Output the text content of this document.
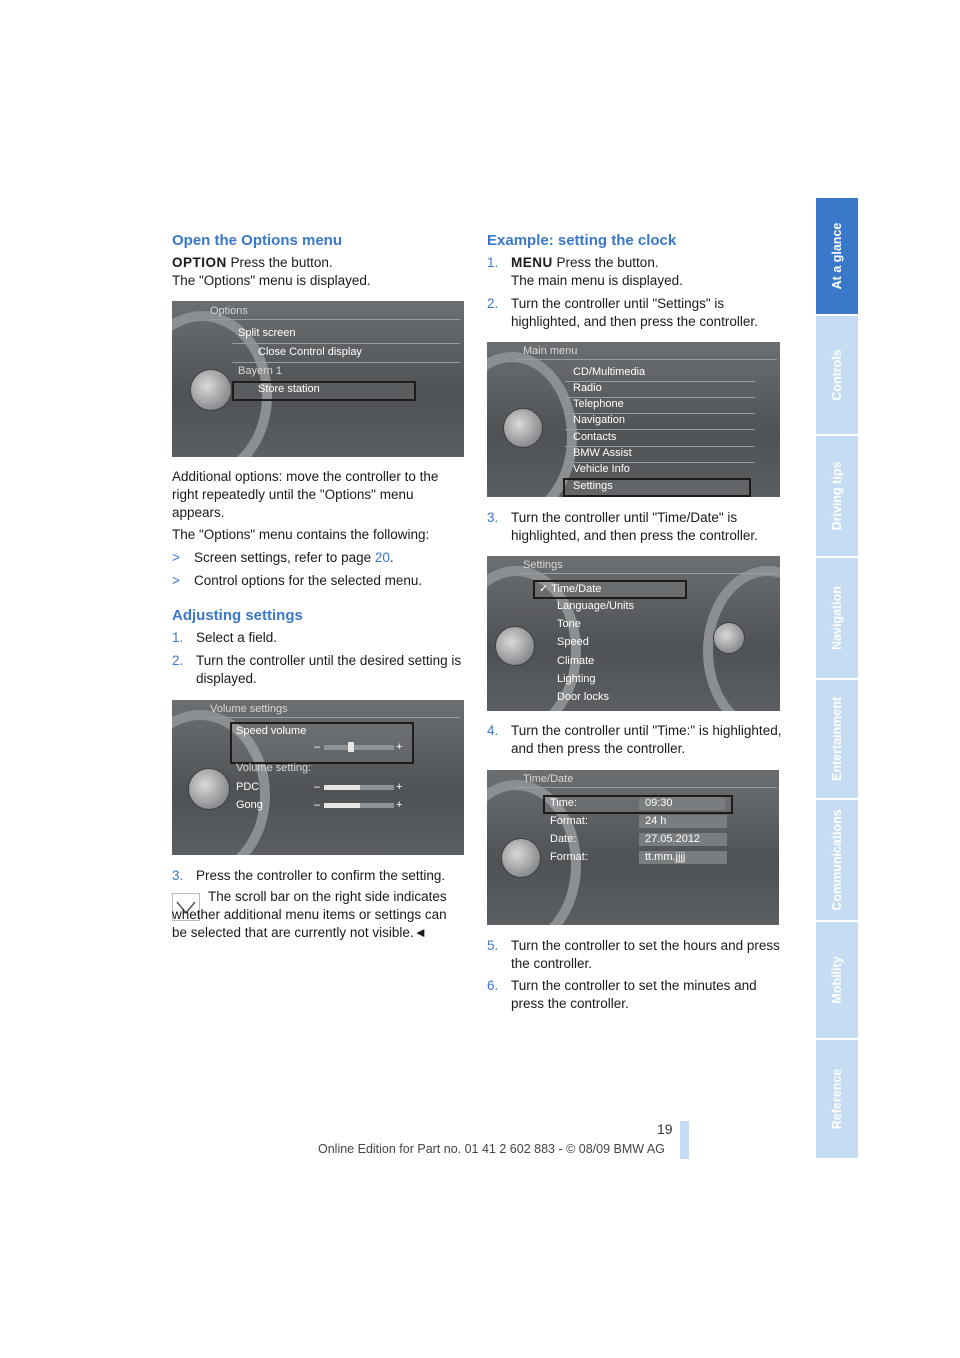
At a glance
Controls
Driving tips
Navigation
Entertainment
Communications
Mobility
Reference
Open the Options menu

OPTION Press the button.

The "Options" menu is displayed.

Options
Split screen
Close Control display
Bayern 1
Store station

Additional options: move the controller to the right repeatedly until the "Options" menu appears.

The "Options" menu contains the following:

> Screen settings, refer to page 20.

> Control options for the selected menu.

Adjusting settings

1. Select a field.

2. Turn the controller until the desired setting is displayed.

Volume settings
Speed volume
–	+
Volume setting:
PDC	–	+
Gong	–	+

3. Press the controller to confirm the setting.

The scroll bar on the right side indicates whether additional menu items or settings can be selected that are currently not visible.◄

Example: setting the clock

1. MENU Press the button.

The main menu is displayed.

2. Turn the controller until "Settings" is highlighted, and then press the controller.

Main menu
CD/Multimedia
Radio
Telephone
Navigation
Contacts
BMW Assist
Vehicle Info
Settings

3. Turn the controller until "Time/Date" is highlighted, and then press the controller.

Settings
✓ Time/Date
Language/Units
Tone
Speed
Climate
Lighting
Door locks

4. Turn the controller until "Time:" is highlighted, and then press the controller.

Time/Date
Time:	09:30
Format:	24 h
Date:	27.05.2012
Format:	tt.mm.jjjj

5. Turn the controller to set the hours and press the controller.

6. Turn the controller to set the minutes and press the controller.

19
Online Edition for Part no. 01 41 2 602 883 - © 08/09 BMW AG
